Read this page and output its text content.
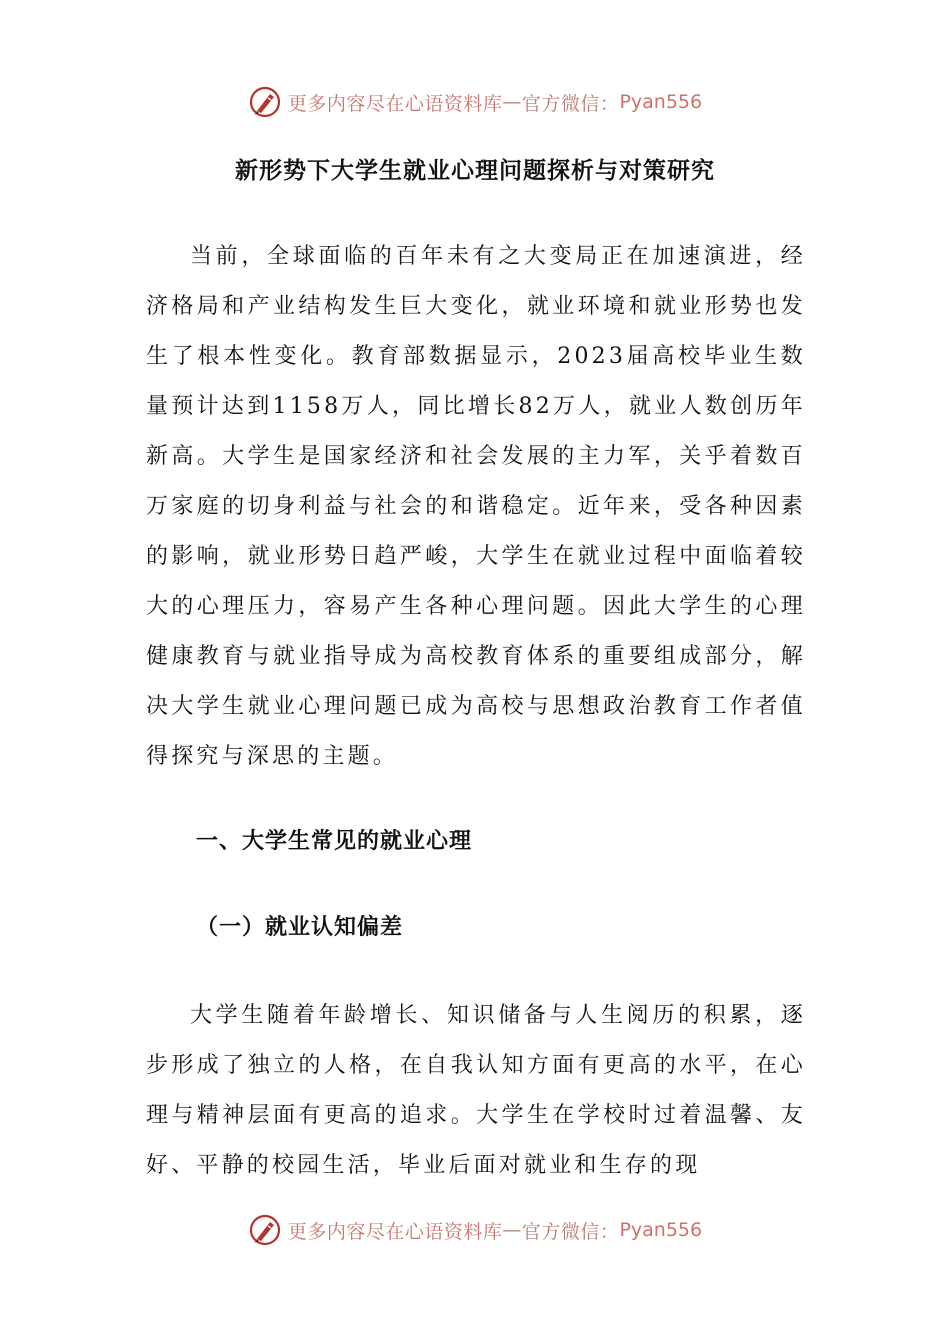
更多内容尽在心语资料库 — 官方微信： Pyan556
新形势下大学生就业心理问题探析与对策研究

当前，全球面临的百年未有之大变局正在加速演进，经济格局和产业结构发生巨大变化，就业环境和就业形势也发生了根本性变化。教育部数据显示，2023届高校毕业生数量预计达到1158万人，同比增长82万人，就业人数创历年新高。大学生是国家经济和社会发展的主力军，关乎着数百万家庭的切身利益与社会的和谐稳定。近年来，受各种因素的影响，就业形势日趋严峻，大学生在就业过程中面临着较大的心理压力，容易产生各种心理问题。因此大学生的心理健康教育与就业指导成为高校教育体系的重要组成部分，解决大学生就业心理问题已成为高校与思想政治教育工作者值得探究与深思的主题。

一、大学生常见的就业心理
（一）就业认知偏差

大学生随着年龄增长、知识储备与人生阅历的积累，逐步形成了独立的人格，在自我认知方面有更高的水平，在心理与精神层面有更高的追求。大学生在学校时过着温馨、友好、平静的校园生活，毕业后面对就业和生存的现

更多内容尽在心语资料库 — 官方微信： Pyan556
